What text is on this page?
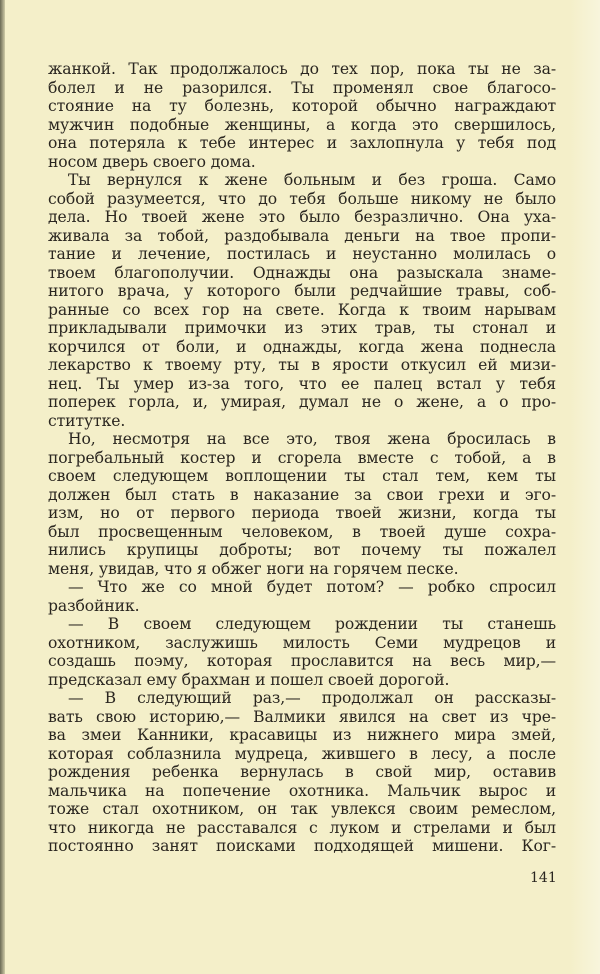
жанкой. Так продолжалось до тех пор, пока ты не за-
болел и не разорился. Ты променял свое благосо-
стояние на ту болезнь, которой обычно награждают
мужчин подобные женщины, а когда это свершилось,
она потеряла к тебе интерес и захлопнула у тебя под
носом дверь своего дома.
Ты вернулся к жене больным и без гроша. Само
собой разумеется, что до тебя больше никому не было
дела. Но твоей жене это было безразлично. Она уха-
живала за тобой, раздобывала деньги на твое пропи-
тание и лечение, постилась и неустанно молилась о
твоем благополучии. Однажды она разыскала знаме-
нитого врача, у которого были редчайшие травы, соб-
ранные со всех гор на свете. Когда к твоим нарывам
прикладывали примочки из этих трав, ты стонал и
корчился от боли, и однажды, когда жена поднесла
лекарство к твоему рту, ты в ярости откусил ей мизи-
нец. Ты умер из-за того, что ее палец встал у тебя
поперек горла, и, умирая, думал не о жене, а о про-
ститутке.
Но, несмотря на все это, твоя жена бросилась в
погребальный костер и сгорела вместе с тобой, а в
своем следующем воплощении ты стал тем, кем ты
должен был стать в наказание за свои грехи и эго-
изм, но от первого периода твоей жизни, когда ты
был просвещенным человеком, в твоей душе сохра-
нились крупицы доброты; вот почему ты пожалел
меня, увидав, что я обжег ноги на горячем песке.
— Что же со мной будет потом? — робко спросил
разбойник.
— В своем следующем рождении ты станешь
охотником, заслужишь милость Семи мудрецов и
создашь поэму, которая прославится на весь мир,—
предсказал ему брахман и пошел своей дорогой.
— В следующий раз,— продолжал он рассказы-
вать свою историю,— Валмики явился на свет из чре-
ва змеи Канники, красавицы из нижнего мира змей,
которая соблазнила мудреца, жившего в лесу, а после
рождения ребенка вернулась в свой мир, оставив
мальчика на попечение охотника. Мальчик вырос и
тоже стал охотником, он так увлекся своим ремеслом,
что никогда не расставался с луком и стрелами и был
постоянно занят поисками подходящей мишени. Ког-
141
